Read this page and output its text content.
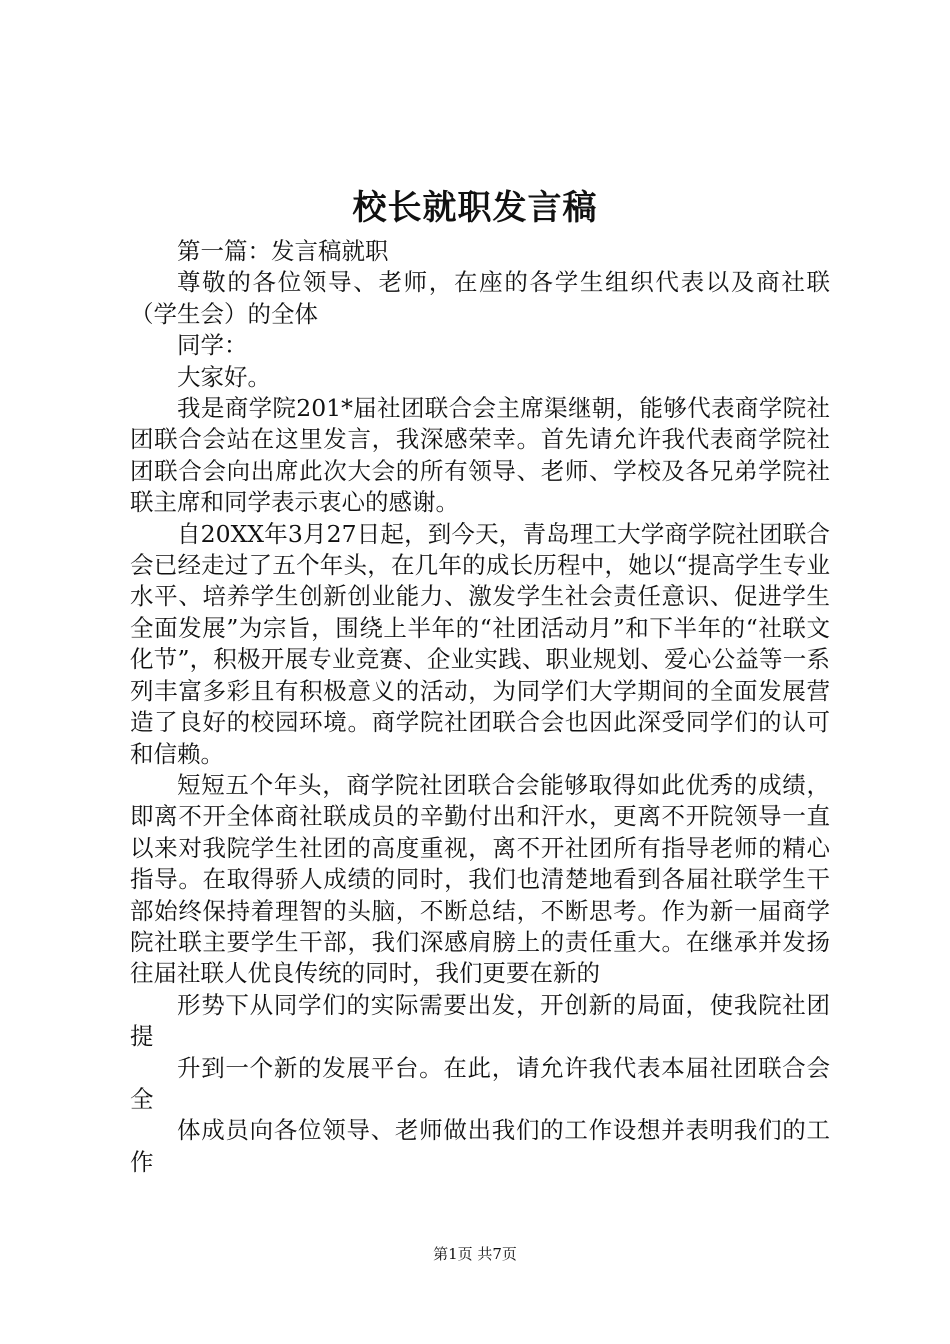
校长就职发言稿

第一篇：发言稿就职

尊敬的各位领导、老师，在座的各学生组织代表以及商社联（学生会）的全体

同学：

大家好。

我是商学院201*届社团联合会主席渠继朝，能够代表商学院社团联合会站在这里发言，我深感荣幸。首先请允许我代表商学院社团联合会向出席此次大会的所有领导、老师、学校及各兄弟学院社联主席和同学表示衷心的感谢。

自20XX年3月27日起，到今天，青岛理工大学商学院社团联合会已经走过了五个年头，在几年的成长历程中，她以“提高学生专业水平、培养学生创新创业能力、激发学生社会责任意识、促进学生全面发展”为宗旨，围绕上半年的“社团活动月”和下半年的“社联文化节”，积极开展专业竞赛、企业实践、职业规划、爱心公益等一系列丰富多彩且有积极意义的活动，为同学们大学期间的全面发展营造了良好的校园环境。商学院社团联合会也因此深受同学们的认可和信赖。

短短五个年头，商学院社团联合会能够取得如此优秀的成绩，即离不开全体商社联成员的辛勤付出和汗水，更离不开院领导一直以来对我院学生社团的高度重视，离不开社团所有指导老师的精心指导。在取得骄人成绩的同时，我们也清楚地看到各届社联学生干部始终保持着理智的头脑，不断总结，不断思考。作为新一届商学院社联主要学生干部，我们深感肩膀上的责任重大。在继承并发扬往届社联人优良传统的同时，我们更要在新的

形势下从同学们的实际需要出发，开创新的局面，使我院社团提

升到一个新的发展平台。在此，请允许我代表本届社团联合会全

体成员向各位领导、老师做出我们的工作设想并表明我们的工作

第1页 共7页
